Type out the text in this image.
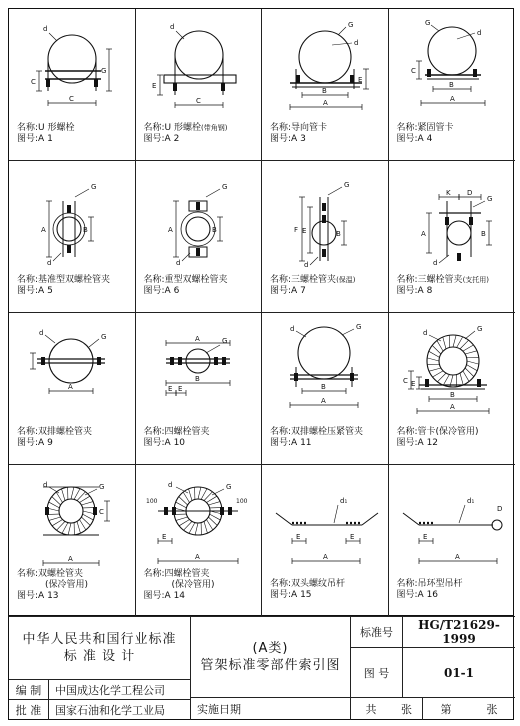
C
C
G
d
名称:U 形螺栓
图号:A 1
C
E
d
名称:U 形螺栓(带角钢)
图号:A 2
B
A
E
G
d
名称:导向管卡
图号:A 3
B
A
C
G
d
名称:紧固管卡
图号:A 4
A	B
G
d
名称:基准型双螺栓管夹
图号:A 5
A	B
G
d
名称:重型双螺栓管夹
图号:A 6
F E	B
G
d
名称:三螺栓管夹(保温)
图号:A 7
K D
A	B
G
d
名称:三螺栓管夹(支托用)
图号:A 8
A
d	G
名称:双排螺栓管夹
图号:A 9
A
B
E E
G
名称:四螺栓管夹
图号:A 10
B
A
d	G
名称:双排螺栓压紧管夹
图号:A 11
B
A
C E
G
d
名称:管卡(保冷管用)
图号:A 12
A
C
d	G
名称:双螺栓管夹
(保冷管用)
图号:A 13
E
A
100	100
d	G
名称:四螺栓管夹
(保冷管用)
图号:A 14
E	E
A
d₁
名称:双头螺纹吊杆
图号:A 15
E
A
d₁
D
名称:吊环型吊杆
图号:A 16
中华人民共和国行业标准
标 准 设 计
(A类)
管架标准零部件索引图
标准号
HG/T21629-1999
图 号	01-1
编 制	中国成达化学工程公司
批 准	国家石油和化学工业局	实施日期	共	张	第	张
